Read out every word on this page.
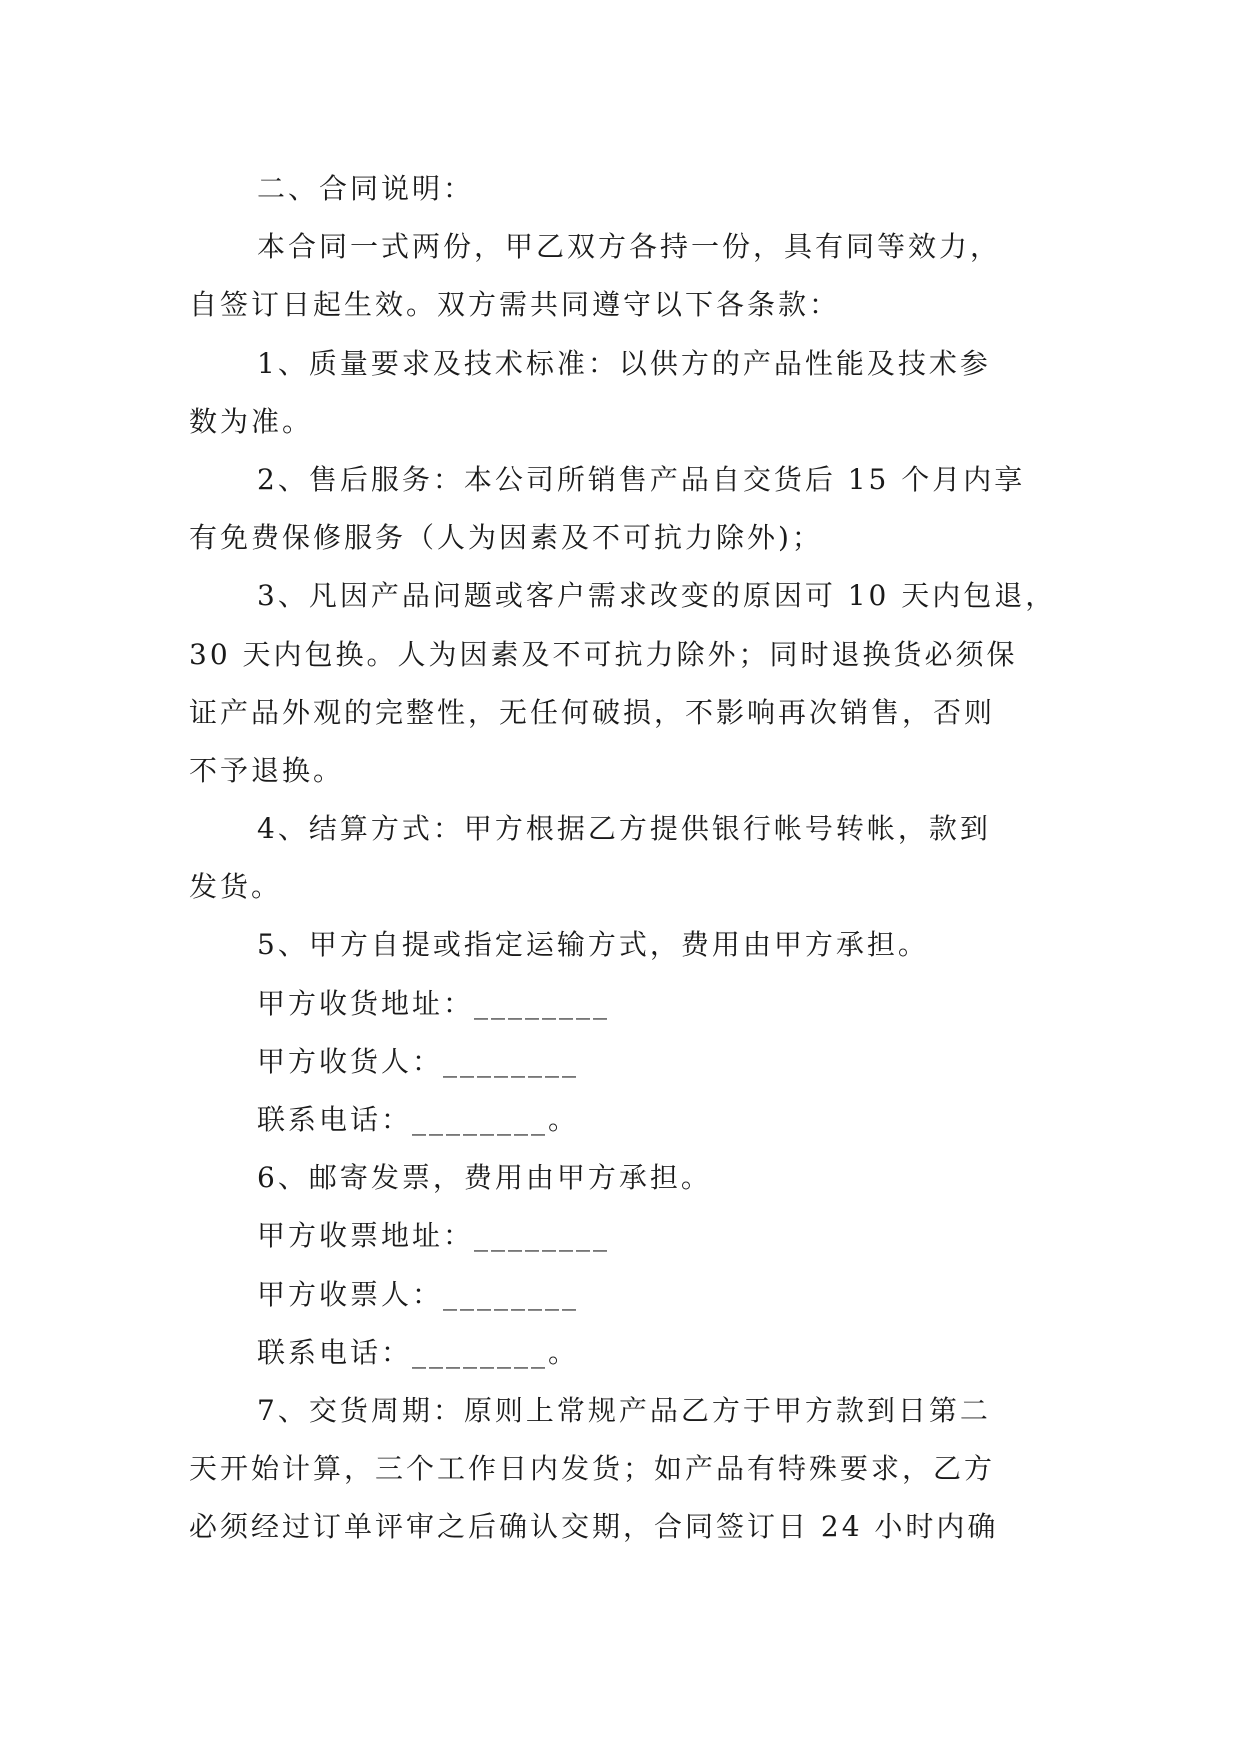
二、合同说明：
本合同一式两份，甲乙双方各持一份，具有同等效力，
自签订日起生效。双方需共同遵守以下各条款：
1、质量要求及技术标准：以供方的产品性能及技术参
数为准。
2、售后服务：本公司所销售产品自交货后 15 个月内享
有免费保修服务（人为因素及不可抗力除外)；
3、凡因产品问题或客户需求改变的原因可 10 天内包退，
30 天内包换。人为因素及不可抗力除外；同时退换货必须保
证产品外观的完整性，无任何破损，不影响再次销售，否则
不予退换。
4、结算方式：甲方根据乙方提供银行帐号转帐，款到
发货。
5、甲方自提或指定运输方式，费用由甲方承担。
甲方收货地址：________
甲方收货人：________
联系电话：________。
6、邮寄发票，费用由甲方承担。
甲方收票地址：________
甲方收票人：________
联系电话：________。
7、交货周期：原则上常规产品乙方于甲方款到日第二
天开始计算，三个工作日内发货；如产品有特殊要求，乙方
必须经过订单评审之后确认交期，合同签订日 24 小时内确
